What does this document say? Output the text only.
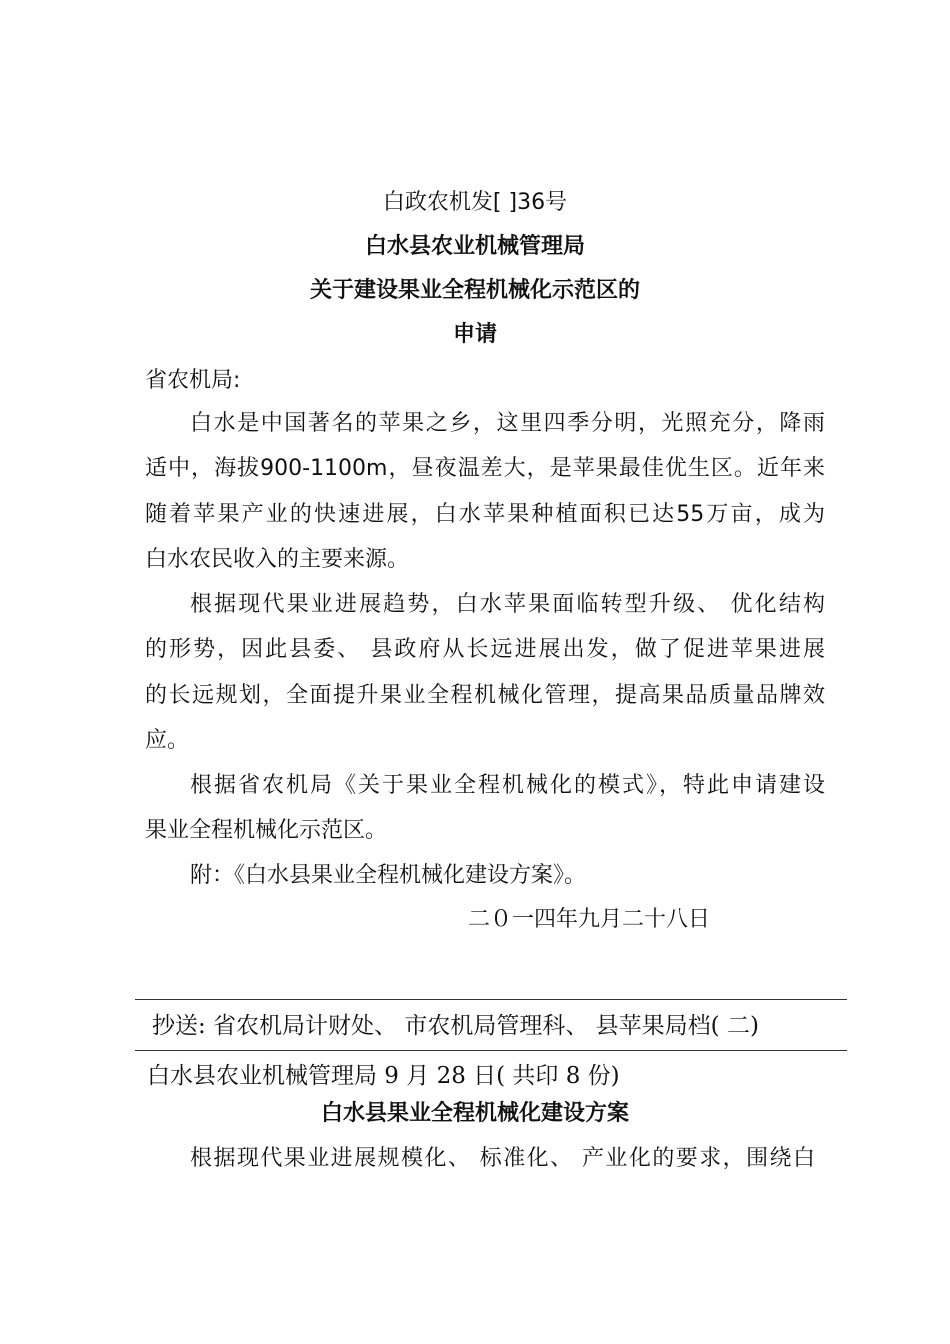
白政农机发[ ]36号
白水县农业机械管理局
关于建设果业全程机械化示范区的
申请
省农机局:
白水是中国著名的苹果之乡，这里四季分明，光照充分，降雨
适中，海拔900-1100m，昼夜温差大，是苹果最佳优生区。近年来
随着苹果产业的快速进展，白水苹果种植面积已达55万亩，成为
白水农民收入的主要来源。
根据现代果业进展趋势，白水苹果面临转型升级、 优化结构
的形势，因此县委、 县政府从长远进展出发，做了促进苹果进展
的长远规划，全面提升果业全程机械化管理，提高果品质量品牌效
应。
根据省农机局《关于果业全程机械化的模式》，特此申请建设
果业全程机械化示范区。
附：《白水县果业全程机械化建设方案》。
二０一四年九月二十八日
抄送: 省农机局计财处、 市农机局管理科、 县苹果局档( 二)
白水县农业机械管理局 9 月 28 日( 共印 8 份)
白水县果业全程机械化建设方案
根据现代果业进展规模化、 标准化、 产业化的要求，围绕白
